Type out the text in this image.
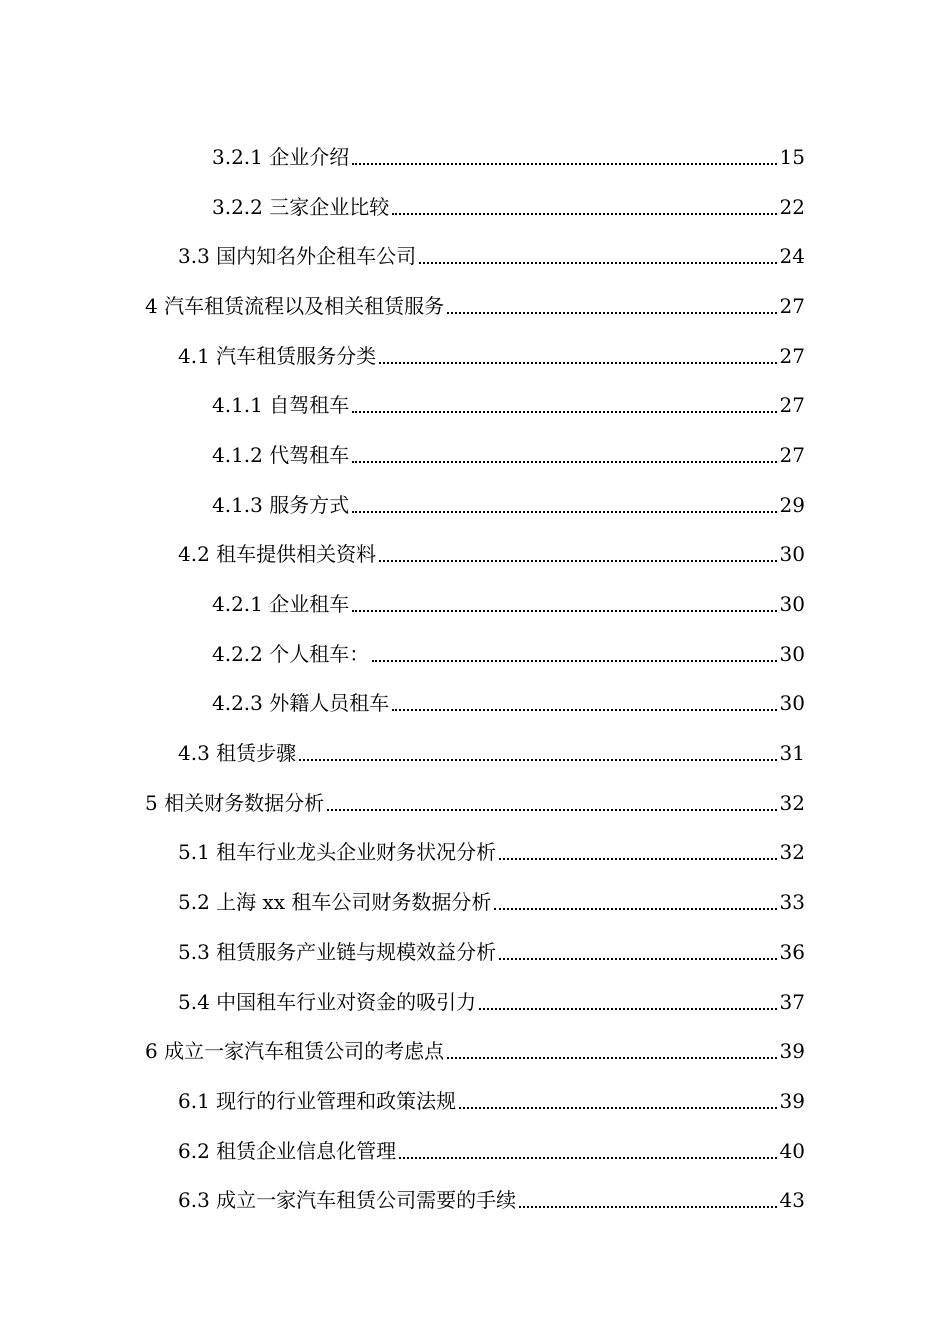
3.2.1 企业介绍	15
3.2.2 三家企业比较	22
3.3 国内知名外企租车公司	24
4 汽车租赁流程以及相关租赁服务	27
4.1 汽车租赁服务分类	27
4.1.1 自驾租车	27
4.1.2 代驾租车	27
4.1.3 服务方式	29
4.2 租车提供相关资料	30
4.2.1 企业租车	30
4.2.2 个人租车：	30
4.2.3 外籍人员租车	30
4.3 租赁步骤	31
5 相关财务数据分析	32
5.1 租车行业龙头企业财务状况分析	32
5.2 上海 xx 租车公司财务数据分析	33
5.3 租赁服务产业链与规模效益分析	36
5.4 中国租车行业对资金的吸引力	37
6 成立一家汽车租赁公司的考虑点	39
6.1 现行的行业管理和政策法规	39
6.2 租赁企业信息化管理	40
6.3 成立一家汽车租赁公司需要的手续	43
